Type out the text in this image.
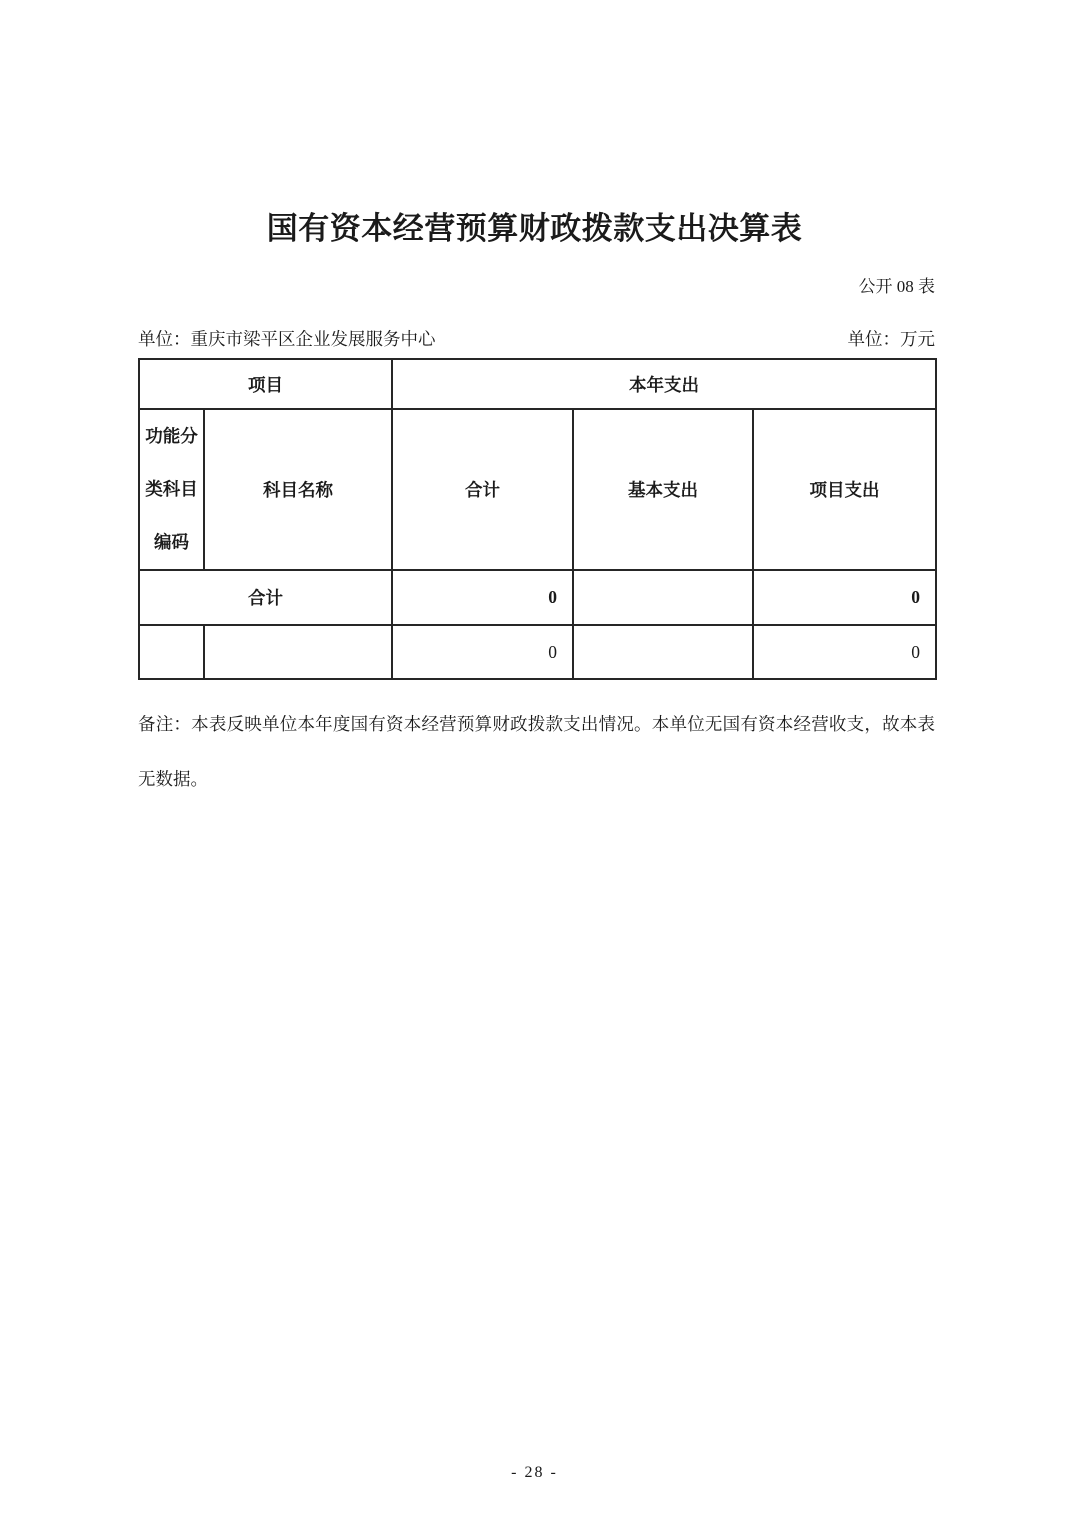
国有资本经营预算财政拨款支出决算表
公开 08 表
单位：重庆市梁平区企业发展服务中心	单位：万元
项目		本年支出		
功能分类科目编码	科目名称	合计	基本支出	项目支出
合计		0		0
		0		0

备注：本表反映单位本年度国有资本经营预算财政拨款支出情况。本单位无国有资本经营收支，故本表无数据。

- 28 -
